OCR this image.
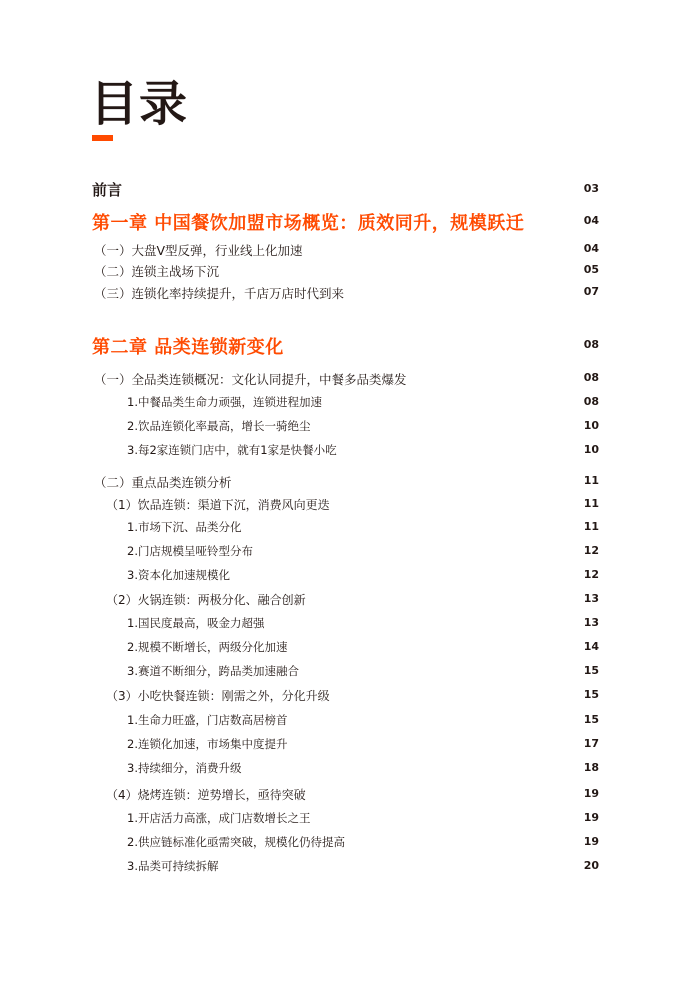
目录
前言	03
第一章 中国餐饮加盟市场概览：质效同升，规模跃迁	04
（一）大盘V型反弹，行业线上化加速	04
（二）连锁主战场下沉	05
（三）连锁化率持续提升，千店万店时代到来	07
第二章 品类连锁新变化	08
（一）全品类连锁概况：文化认同提升，中餐多品类爆发	08
1.中餐品类生命力顽强，连锁进程加速	08
2.饮品连锁化率最高，增长一骑绝尘	10
3.每2家连锁门店中，就有1家是快餐小吃	10
（二）重点品类连锁分析	11
（1）饮品连锁：渠道下沉，消费风向更迭	11
1.市场下沉、品类分化	11
2.门店规模呈哑铃型分布	12
3.资本化加速规模化	12
（2）火锅连锁：两极分化、融合创新	13
1.国民度最高，吸金力超强	13
2.规模不断增长，两级分化加速	14
3.赛道不断细分，跨品类加速融合	15
（3）小吃快餐连锁：刚需之外，分化升级	15
1.生命力旺盛，门店数高居榜首	15
2.连锁化加速，市场集中度提升	17
3.持续细分，消费升级	18
（4）烧烤连锁：逆势增长，亟待突破	19
1.开店活力高涨，成门店数增长之王	19
2.供应链标准化亟需突破，规模化仍待提高	19
3.品类可持续拆解	20
